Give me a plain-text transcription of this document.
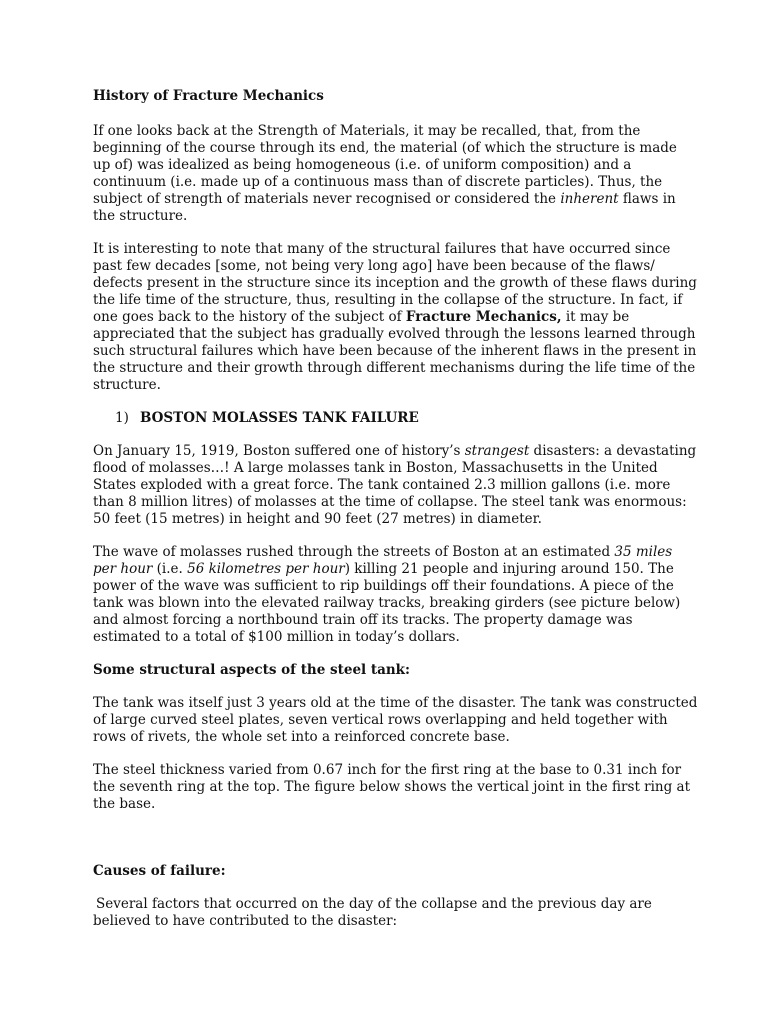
History of Fracture Mechanics

If one looks back at the Strength of Materials, it may be recalled, that, from the beginning of the course through its end, the material (of which the structure is made up of) was idealized as being homogeneous (i.e. of uniform composition) and a continuum (i.e. made up of a continuous mass than of discrete particles). Thus, the subject of strength of materials never recognised or considered the inherent flaws in the structure.

It is interesting to note that many of the structural failures that have occurred since past few decades [some, not being very long ago] have been because of the flaws/ defects present in the structure since its inception and the growth of these flaws during the life time of the structure, thus, resulting in the collapse of the structure. In fact, if one goes back to the history of the subject of Fracture Mechanics, it may be appreciated that the subject has gradually evolved through the lessons learned through such structural failures which have been because of the inherent flaws in the present in the structure and their growth through different mechanisms during the life time of the structure.

1) BOSTON MOLASSES TANK FAILURE

On January 15, 1919, Boston suffered one of history’s strangest disasters: a devastating flood of molasses…! A large molasses tank in Boston, Massachusetts in the United States exploded with a great force. The tank contained 2.3 million gallons (i.e. more than 8 million litres) of molasses at the time of collapse. The steel tank was enormous: 50 feet (15 metres) in height and 90 feet (27 metres) in diameter.

The wave of molasses rushed through the streets of Boston at an estimated 35 miles per hour (i.e. 56 kilometres per hour) killing 21 people and injuring around 150. The power of the wave was sufficient to rip buildings off their foundations. A piece of the tank was blown into the elevated railway tracks, breaking girders (see picture below) and almost forcing a northbound train off its tracks. The property damage was estimated to a total of $100 million in today’s dollars.

Some structural aspects of the steel tank:

The tank was itself just 3 years old at the time of the disaster. The tank was constructed of large curved steel plates, seven vertical rows overlapping and held together with rows of rivets, the whole set into a reinforced concrete base.

The steel thickness varied from 0.67 inch for the first ring at the base to 0.31 inch for the seventh ring at the top. The figure below shows the vertical joint in the first ring at the base.

Causes of failure:

Several factors that occurred on the day of the collapse and the previous day are believed to have contributed to the disaster:
